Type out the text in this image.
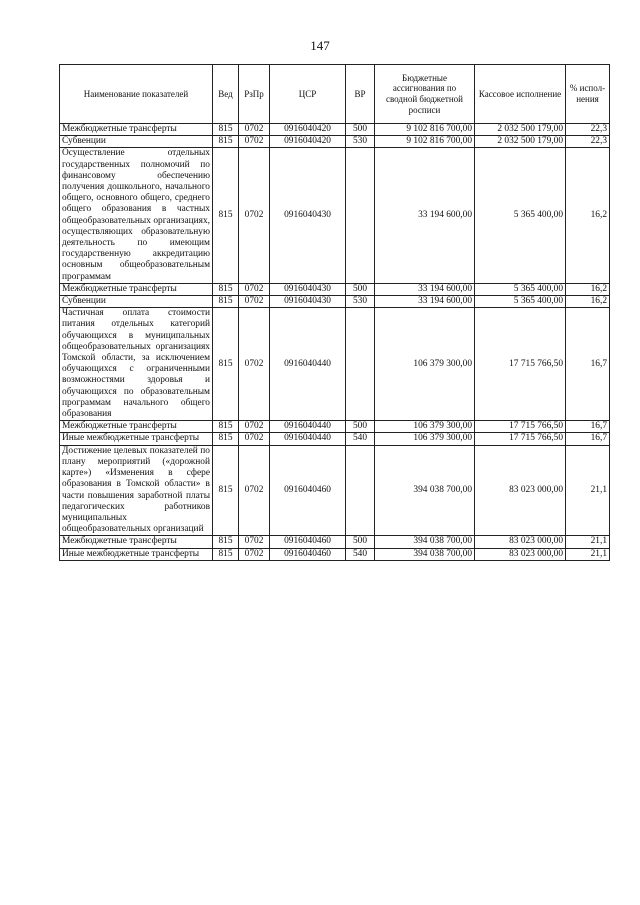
147
Наименование показателей	Вед	РзПр	ЦСР	ВР	Бюджетные ассигнования по сводной бюджетной росписи	Кассовое исполнение	% испол-нения
Межбюджетные трансферты	815	0702	0916040420	500	9 102 816 700,00	2 032 500 179,00	22,3
Субвенции	815	0702	0916040420	530	9 102 816 700,00	2 032 500 179,00	22,3
Осуществление отдельных государственных полномочий по финансовому обеспечению получения дошкольного, начального общего, основного общего, среднего общего образования в частных общеобразовательных организациях, осуществляющих образовательную деятельность по имеющим государственную аккредитацию основным общеобразовательным программам	815	0702	0916040430		33 194 600,00	5 365 400,00	16,2
Межбюджетные трансферты	815	0702	0916040430	500	33 194 600,00	5 365 400,00	16,2
Субвенции	815	0702	0916040430	530	33 194 600,00	5 365 400,00	16,2
Частичная оплата стоимости питания отдельных категорий обучающихся в муниципальных общеобразовательных организациях Томской области, за исключением обучающихся с ограниченными возможностями здоровья и обучающихся по образовательным программам начального общего образования	815	0702	0916040440		106 379 300,00	17 715 766,50	16,7
Межбюджетные трансферты	815	0702	0916040440	500	106 379 300,00	17 715 766,50	16,7
Иные межбюджетные трансферты	815	0702	0916040440	540	106 379 300,00	17 715 766,50	16,7
Достижение целевых показателей по плану мероприятий («дорожной карте») «Изменения в сфере образования в Томской области» в части повышения заработной платы педагогических работников муниципальных общеобразовательных организаций	815	0702	0916040460		394 038 700,00	83 023 000,00	21,1
Межбюджетные трансферты	815	0702	0916040460	500	394 038 700,00	83 023 000,00	21,1
Иные межбюджетные трансферты	815	0702	0916040460	540	394 038 700,00	83 023 000,00	21,1
